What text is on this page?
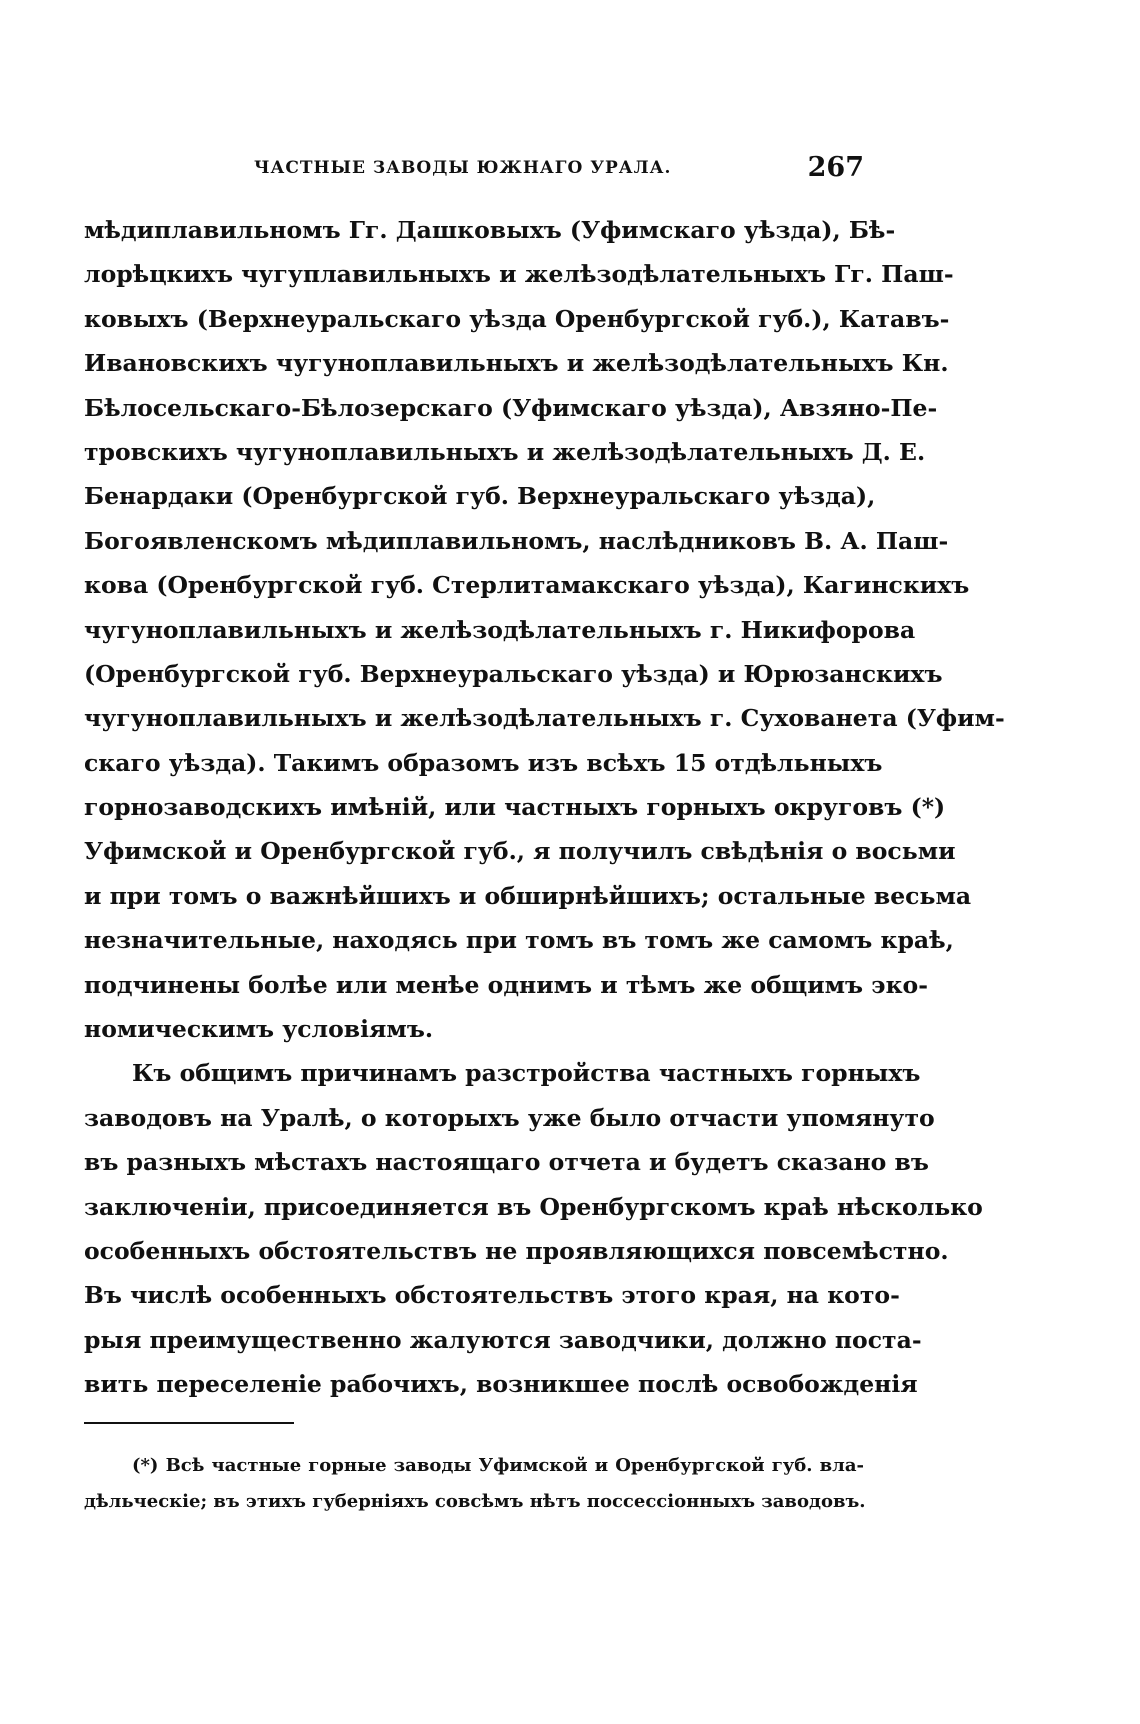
ЧАСТНЫЕ ЗАВОДЫ ЮЖНАГО УРАЛА.	267
мѣдиплавильномъ Гг. Дашковыхъ (Уфимскаго уѣзда), Бѣ-
лорѣцкихъ чугуплавильныхъ и желѣзодѣлательныхъ Гг. Паш-
ковыхъ (Верхнеуральскаго уѣзда Оренбургской губ.), Катавъ-
Ивановскихъ чугуноплавильныхъ и желѣзодѣлательныхъ Кн.
Бѣлосельскаго-Бѣлозерскаго (Уфимскаго уѣзда), Авзяно-Пе-
тровскихъ чугуноплавильныхъ и желѣзодѣлательныхъ Д. Е.
Бенардаки (Оренбургской губ. Верхнеуральскаго уѣзда),
Богоявленскомъ мѣдиплавильномъ, наслѣдниковъ В. А. Паш-
кова (Оренбургской губ. Стерлитамакскаго уѣзда), Кагинскихъ
чугуноплавильныхъ и желѣзодѣлательныхъ г. Никифорова
(Оренбургской губ. Верхнеуральскаго уѣзда) и Юрюзанскихъ
чугуноплавильныхъ и желѣзодѣлательныхъ г. Сухованета (Уфим-
скаго уѣзда). Такимъ образомъ изъ всѣхъ 15 отдѣльныхъ
горнозаводскихъ имѣній, или частныхъ горныхъ округовъ (*)
Уфимской и Оренбургской губ., я получилъ свѣдѣнія о восьми
и при томъ о важнѣйшихъ и обширнѣйшихъ; остальные весьма
незначительные, находясь при томъ въ томъ же самомъ краѣ,
подчинены болѣе или менѣе однимъ и тѣмъ же общимъ эко-
номическимъ условіямъ.
Къ общимъ причинамъ разстройства частныхъ горныхъ
заводовъ на Уралѣ, о которыхъ уже было отчасти упомянуто
въ разныхъ мѣстахъ настоящаго отчета и будетъ сказано въ
заключеніи, присоединяется въ Оренбургскомъ краѣ нѣсколько
особенныхъ обстоятельствъ не проявляющихся повсемѣстно.
Въ числѣ особенныхъ обстоятельствъ этого края, на кото-
рыя преимущественно жалуются заводчики, должно поста-
вить переселеніе рабочихъ, возникшее послѣ освобожденія
(*) Всѣ частные горные заводы Уфимской и Оренбургской губ. вла-
дѣльческіе; въ этихъ губерніяхъ совсѣмъ нѣтъ поссессіонныхъ заводовъ.
